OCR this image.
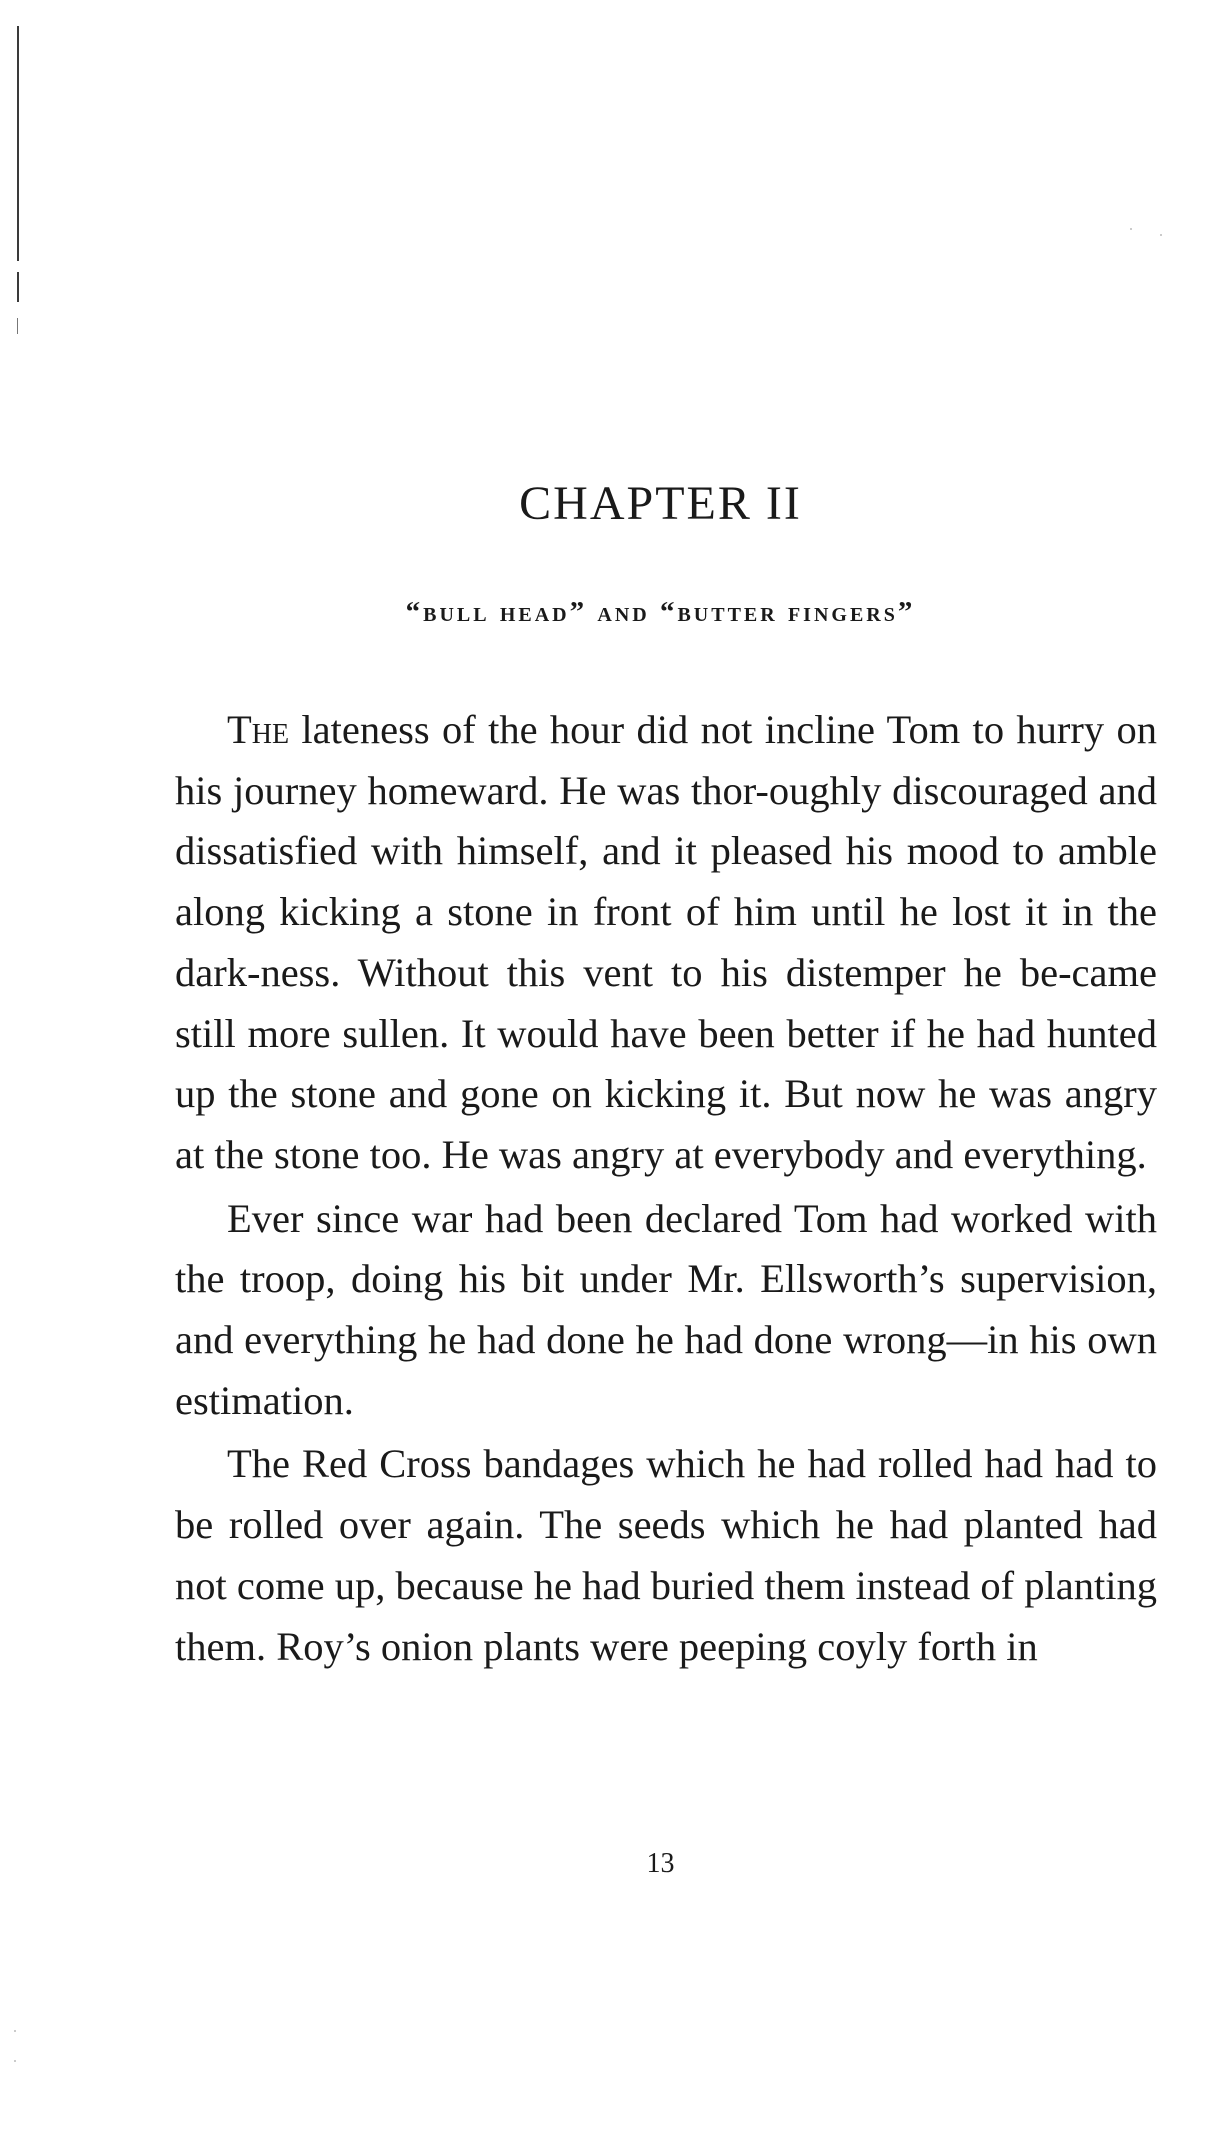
CHAPTER II
“bull head” and “butter fingers”

The lateness of the hour did not incline Tom to hurry on his journey homeward. He was thor-oughly discouraged and dissatisfied with himself, and it pleased his mood to amble along kicking a stone in front of him until he lost it in the dark-ness. Without this vent to his distemper he be-came still more sullen. It would have been better if he had hunted up the stone and gone on kicking it. But now he was angry at the stone too. He was angry at everybody and everything.

Ever since war had been declared Tom had worked with the troop, doing his bit under Mr. Ellsworth’s supervision, and everything he had done he had done wrong—in his own estimation.

The Red Cross bandages which he had rolled had had to be rolled over again. The seeds which he had planted had not come up, because he had buried them instead of planting them. Roy’s onion plants were peeping coyly forth in

13
